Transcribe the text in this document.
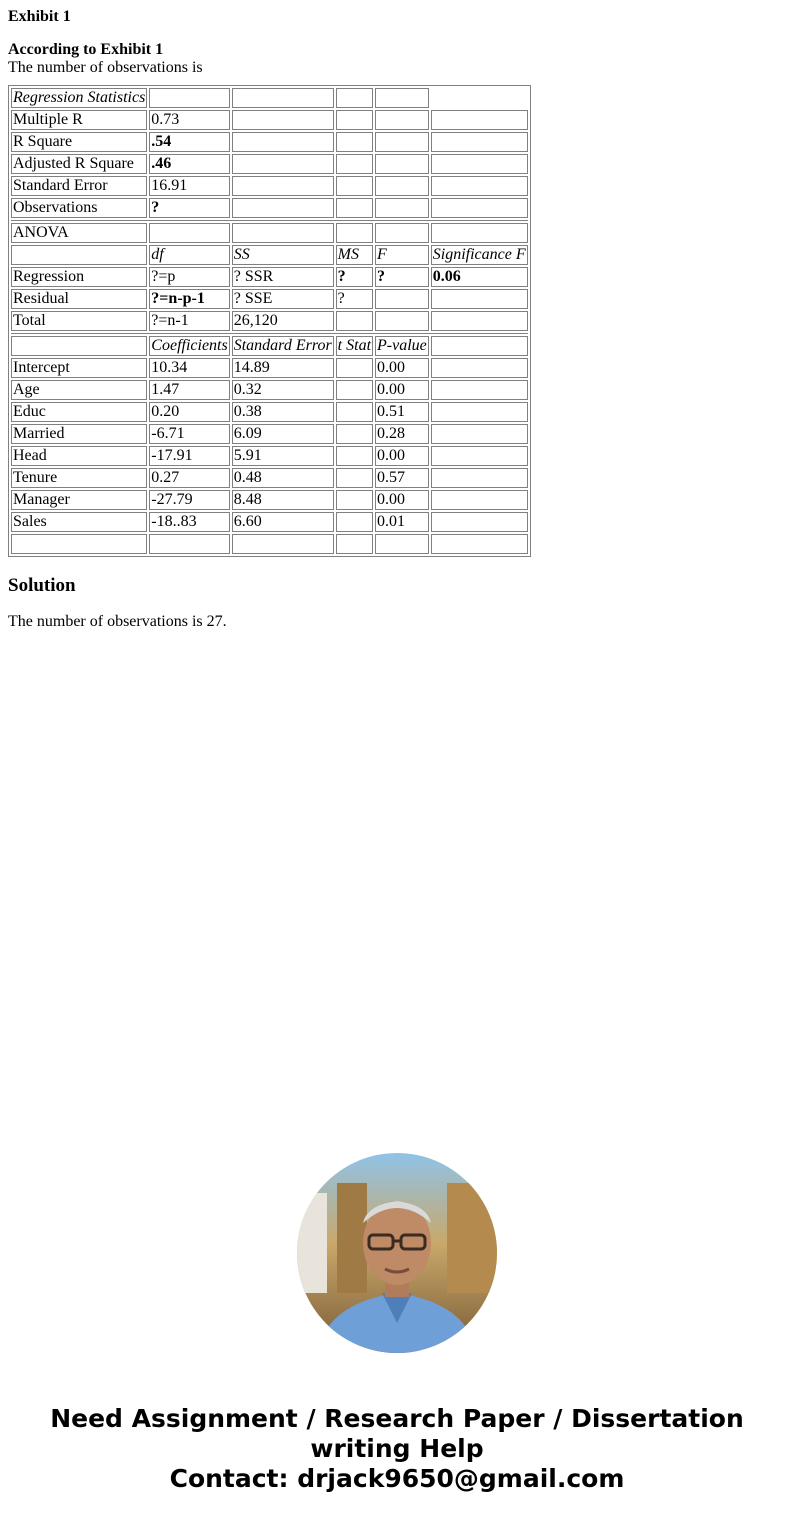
Exhibit 1

According to Exhibit 1

The number of observations is

Regression Statistics					
Multiple R	0.73				
R Square	.54				
Adjusted R Square	.46				
Standard Error	16.91				
Observations	?				

ANOVA					
	df	SS	MS	F	Significance F
Regression	?=p	? SSR	?	?	0.06
Residual	?=n-p-1	? SSE	?		
Total	?=n-1	26,120			

	Coefficients	Standard Error	t Stat	P-value	
Intercept	10.34	14.89		0.00	
Age	1.47	0.32		0.00	
Educ	0.20	0.38		0.51	
Married	-6.71	6.09		0.28	
Head	-17.91	5.91		0.00	
Tenure	0.27	0.48		0.57	
Manager	-27.79	8.48		0.00	
Sales	-18..83	6.60		0.01	

Solution

The number of observations is 27.

Need Assignment / Research Paper / Dissertation
writing Help
Contact: drjack9650@gmail.com
